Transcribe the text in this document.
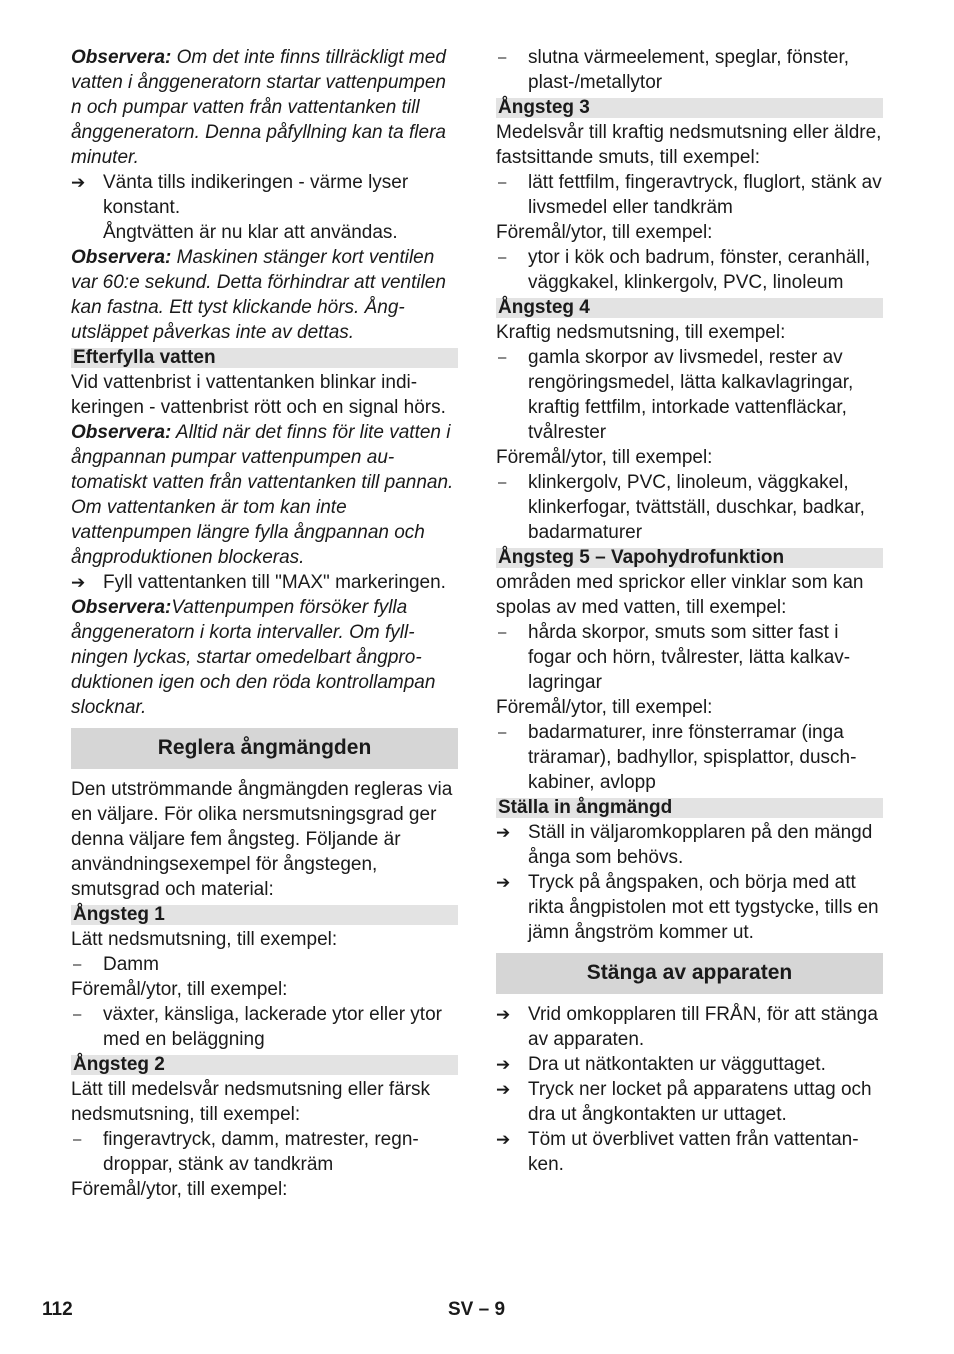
Observera: Om det inte finns tillräckligt med vatten i ånggeneratorn startar vattenpumpen n och pumpar vatten från vattentanken till ånggeneratorn. Denna påfyllning kan ta flera minuter.

➔ Vänta tills indikeringen - värme lyser konstant.

Ångtvätten är nu klar att användas.

Observera: Maskinen stänger kort ventilen var 60:e sekund. Detta förhindrar att ventilen kan fastna. Ett tyst klickande hörs. Ångutsläppet påverkas inte av dettas.

Efterfylla vatten

Vid vattenbrist i vattentanken blinkar indikeringen - vattenbrist rött och en signal hörs.

Observera: Alltid när det finns för lite vatten i ångpannan pumpar vattenpumpen automatiskt vatten från vattentanken till pannan. Om vattentanken är tom kan inte vattenpumpen längre fylla ångpannan och ångproduktionen blockeras.

➔ Fyll vattentanken till "MAX" markeringen.

Observera:Vattenpumpen försöker fylla ånggeneratorn i korta intervaller. Om fyllningen lyckas, startar omedelbart ångproduktionen igen och den röda kontrollampan slocknar.

Reglera ångmängden

Den utströmmande ångmängden regleras via en väljare. För olika nersmutsningsgrad ger denna väljare fem ångsteg. Följande är användningsexempel för ångstegen, smutsgrad och material:

Ångsteg 1

Lätt nedsmutsning, till exempel:

–	Damm

Föremål/ytor, till exempel:

–	växter, känsliga, lackerade ytor eller ytor med en beläggning

Ångsteg 2

Lätt till medelsvår nedsmutsning eller färsk nedsmutsning, till exempel:

–	fingeravtryck, damm, matrester, regndroppar, stänk av tandkräm

Föremål/ytor, till exempel:

–	slutna värmeelement, speglar, fönster, plast-/metallytor

Ångsteg 3

Medelsvår till kraftig nedsmutsning eller äldre, fastsittande smuts, till exempel:

–	lätt fettfilm, fingeravtryck, fluglort, stänk av livsmedel eller tandkräm

Föremål/ytor, till exempel:

–	ytor i kök och badrum, fönster, ceranhäll, väggkakel, klinkergolv, PVC, linoleum

Ångsteg 4

Kraftig nedsmutsning, till exempel:

–	gamla skorpor av livsmedel, rester av rengöringsmedel, lätta kalkavlagringar, kraftig fettfilm, intorkade vattenfläckar, tvålrester

Föremål/ytor, till exempel:

–	klinkergolv, PVC, linoleum, väggkakel, klinkerfogar, tvättställ, duschkar, badkar, badarmaturer

Ångsteg 5 – Vapohydrofunktion

områden med sprickor eller vinklar som kan spolas av med vatten, till exempel:

–	hårda skorpor, smuts som sitter fast i fogar och hörn, tvålrester, lätta kalkavlagringar

Föremål/ytor, till exempel:

–	badarmaturer, inre fönsterramar (inga träramar), badhyllor, spisplattor, duschkabiner, avlopp

Ställa in ångmängd

➔ Ställ in väljaromkopplaren på den mängd ånga som behövs.

➔ Tryck på ångspaken, och börja med att rikta ångpistolen mot ett tygstycke, tills en jämn ångström kommer ut.

Stänga av apparaten

➔ Vrid omkopplaren till FRÅN, för att stänga av apparaten.

➔ Dra ut nätkontakten ur vägguttaget.

➔ Tryck ner locket på apparatens uttag och dra ut ångkontakten ur uttaget.

➔ Töm ut överblivet vatten från vattentanken.

112	SV – 9
